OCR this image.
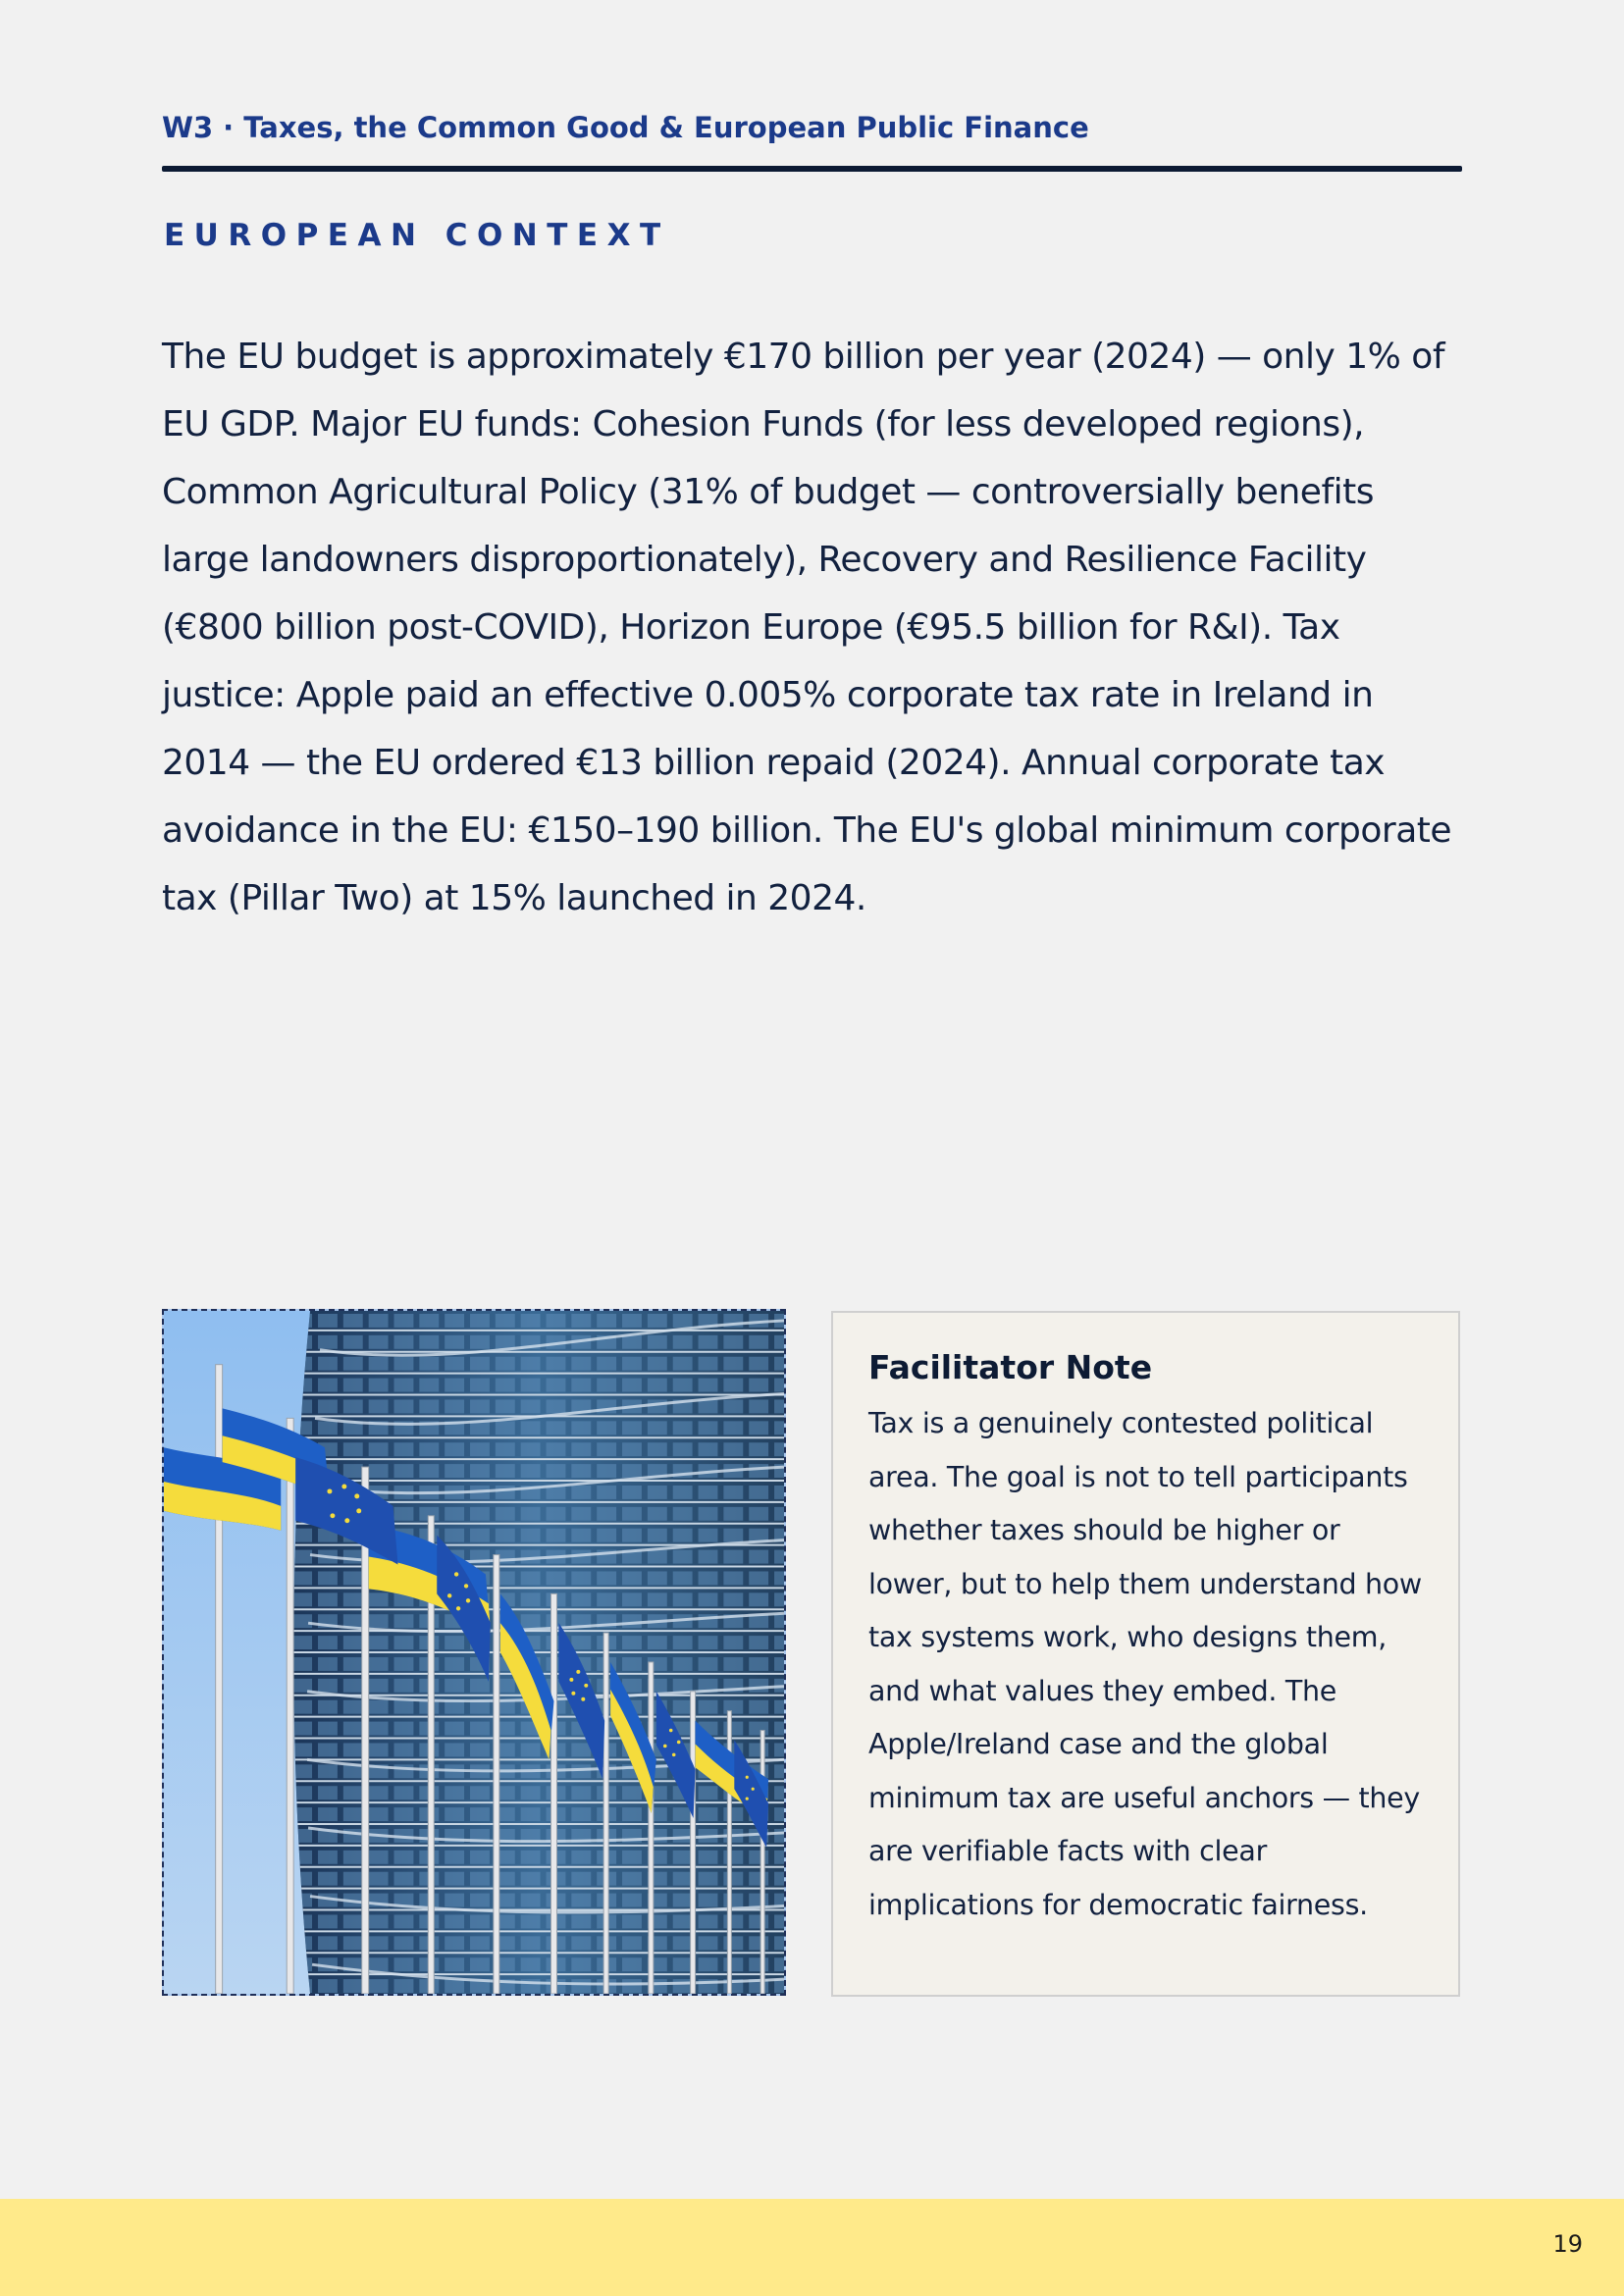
W3 · Taxes, the Common Good & European Public Finance
EUROPEAN CONTEXT

The EU budget is approximately €170 billion per year (2024) — only 1% of EU GDP. Major EU funds: Cohesion Funds (for less developed regions), Common Agricultural Policy (31% of budget — controversially benefits large landowners disproportionately), Recovery and Resilience Facility (€800 billion post-COVID), Horizon Europe (€95.5 billion for R&I). Tax justice: Apple paid an effective 0.005% corporate tax rate in Ireland in 2014 — the EU ordered €13 billion repaid (2024). Annual corporate tax avoidance in the EU: €150–190 billion. The EU's global minimum corporate tax (Pillar Two) at 15% launched in 2024.

Facilitator Note

Tax is a genuinely contested political area. The goal is not to tell participants whether taxes should be higher or lower, but to help them understand how tax systems work, who designs them, and what values they embed. The Apple/Ireland case and the global minimum tax are useful anchors — they are verifiable facts with clear implications for democratic fairness.

19
